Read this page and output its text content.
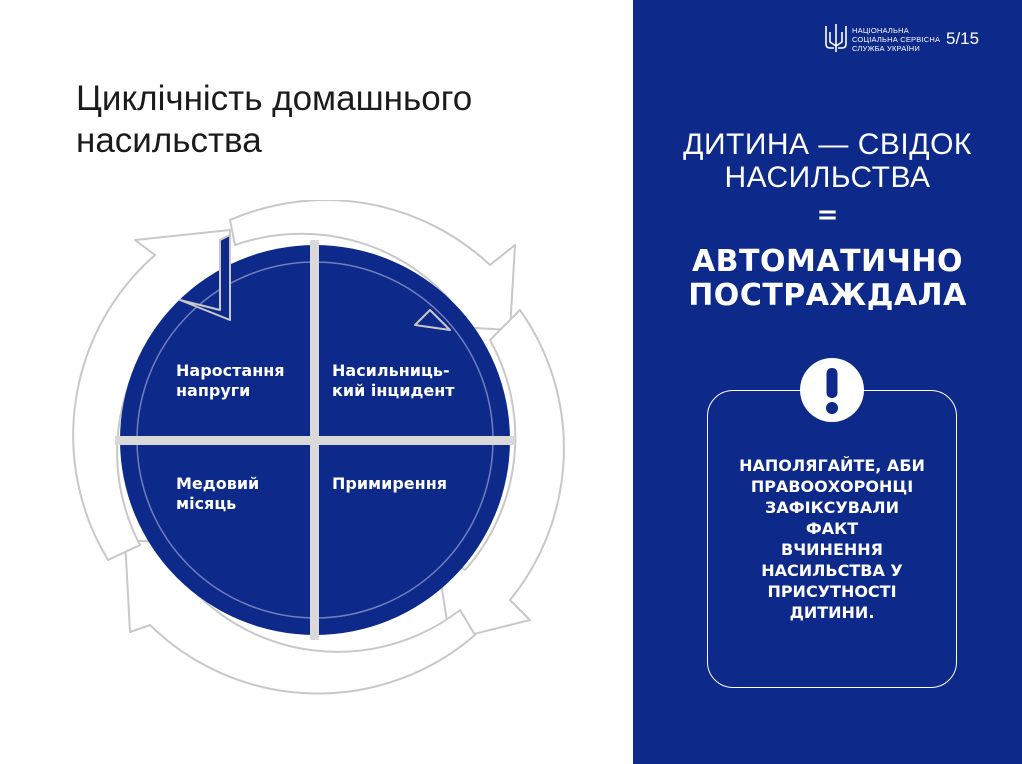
Циклічність домашнього
насильства
Наростання
напруги
Насильниць-
кий інцидент
Медовий
місяць
Примирення
НАЦІОНАЛЬНА
СОЦІАЛЬНА СЕРВІСНА
СЛУЖБА УКРАЇНИ
5/15
ДИТИНА — СВІДОК
НАСИЛЬСТВА
=
АВТОМАТИЧНО
ПОСТРАЖДАЛА
НАПОЛЯГАЙТЕ, АБИ
ПРАВООХОРОНЦІ
ЗАФІКСУВАЛИ
ФАКТ
ВЧИНЕННЯ
НАСИЛЬСТВА У
ПРИСУТНОСТІ
ДИТИНИ.
